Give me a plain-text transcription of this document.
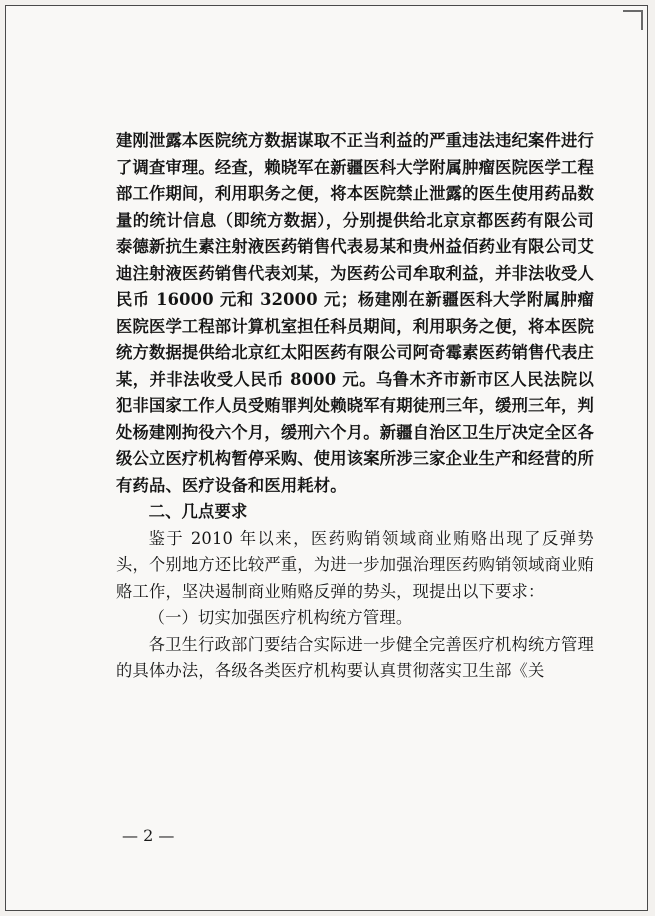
建刚泄露本医院统方数据谋取不正当利益的严重违法违纪案件进行了调查审理。经查，赖晓军在新疆医科大学附属肿瘤医院医学工程部工作期间，利用职务之便，将本医院禁止泄露的医生使用药品数量的统计信息（即统方数据），分别提供给北京京都医药有限公司泰德新抗生素注射液医药销售代表易某和贵州益佰药业有限公司艾迪注射液医药销售代表刘某，为医药公司牟取利益，并非法收受人民币 16000 元和 32000 元；杨建刚在新疆医科大学附属肿瘤医院医学工程部计算机室担任科员期间，利用职务之便，将本医院统方数据提供给北京红太阳医药有限公司阿奇霉素医药销售代表庄某，并非法收受人民币 8000 元。乌鲁木齐市新市区人民法院以犯非国家工作人员受贿罪判处赖晓军有期徒刑三年，缓刑三年，判处杨建刚拘役六个月，缓刑六个月。新疆自治区卫生厅决定全区各级公立医疗机构暂停采购、使用该案所涉三家企业生产和经营的所有药品、医疗设备和医用耗材。

二、几点要求

鉴于 2010 年以来，医药购销领域商业贿赂出现了反弹势头，个别地方还比较严重，为进一步加强治理医药购销领域商业贿赂工作，坚决遏制商业贿赂反弹的势头，现提出以下要求：

（一）切实加强医疗机构统方管理。

各卫生行政部门要结合实际进一步健全完善医疗机构统方管理的具体办法，各级各类医疗机构要认真贯彻落实卫生部《关

— 2 —
